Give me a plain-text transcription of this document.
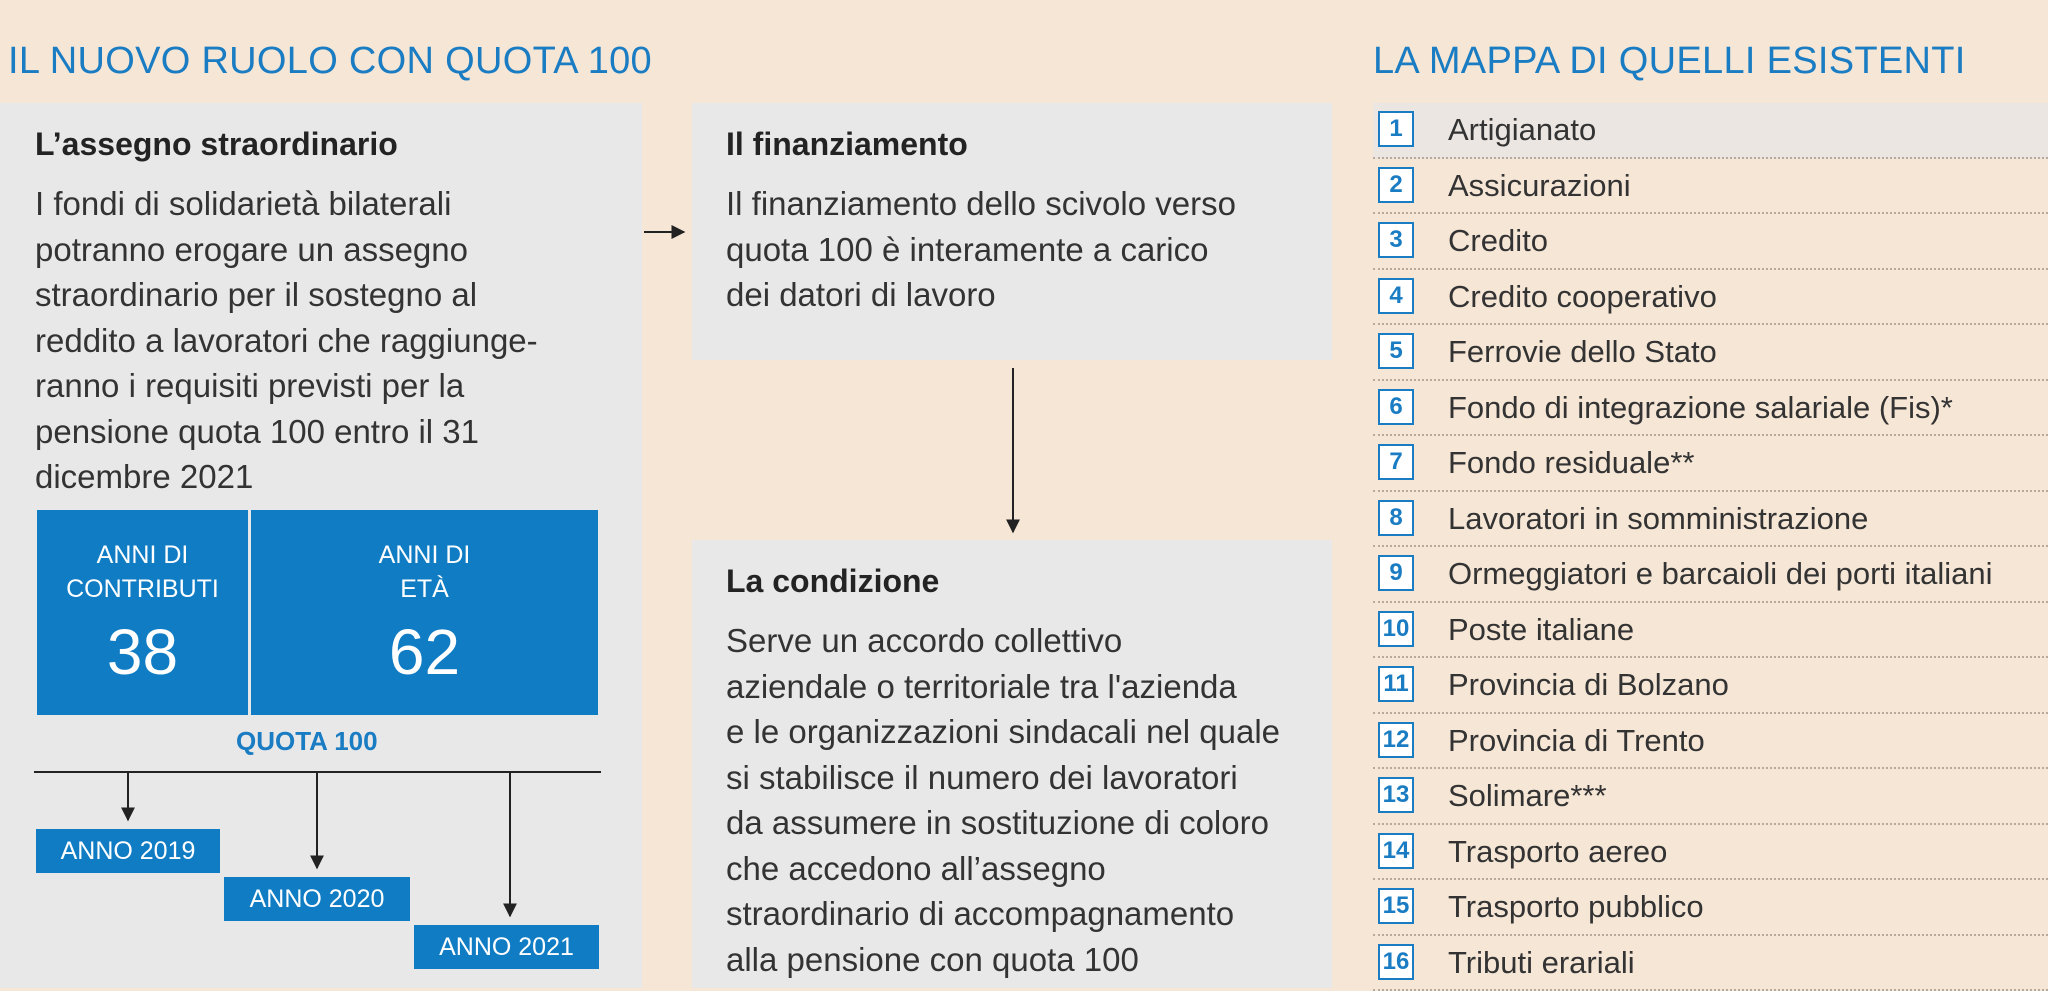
IL NUOVO RUOLO CON QUOTA 100	LA MAPPA DI QUELLI ESISTENTI
L’assegno straordinario
I fondi di solidarietà bilaterali
potranno erogare un assegno
straordinario per il sostegno al
reddito a lavoratori che raggiunge-
ranno i requisiti previsti per la
pensione quota 100 entro il 31
dicembre 2021
ANNI DI
CONTRIBUTI
38
ANNI DI
ETÀ
62
QUOTA 100
ANNO 2019
ANNO 2020
ANNO 2021
Il finanziamento
Il finanziamento dello scivolo verso
quota 100 è interamente a carico
dei datori di lavoro
La condizione
Serve un accordo collettivo
aziendale o territoriale tra l'azienda
e le organizzazioni sindacali nel quale
si stabilisce il numero dei lavoratori
da assumere in sostituzione di coloro
che accedono all’assegno
straordinario di accompagnamento
alla pensione con quota 100
1	Artigianato
2	Assicurazioni
3	Credito
4	Credito cooperativo
5	Ferrovie dello Stato
6	Fondo di integrazione salariale (Fis)*
7	Fondo residuale**
8	Lavoratori in somministrazione
9	Ormeggiatori e barcaioli dei porti italiani
10 Poste italiane
11 Provincia di Bolzano
12 Provincia di Trento
13 Solimare***
14 Trasporto aereo
15 Trasporto pubblico
16 Tributi erariali
